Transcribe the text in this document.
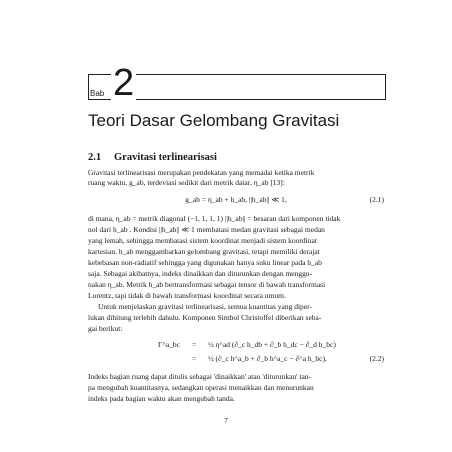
Bab 2
Teori Dasar Gelombang Gravitasi
2.1 Gravitasi terlinearisasi
Gravitasi terlinearisasi merupakan pendekatan yang memadai ketika metrik
ruang waktu, g_ab, terdeviasi sedikit dari metrik datar, η_ab [13]:
g_ab = η_ab + h_ab, ||h_ab|| ≪ 1,	(2.1)
di mana, η_ab = metrik diagonal (−1, 1, 1, 1) ||h_ab|| = besaran dari komponen tidak
nol dari h_ab . Kondisi ||h_ab|| ≪ 1 membatasi medan gravitasi sebagai medan
yang lemah, sehingga membatasi sistem koordinat menjadi sistem koordinat
kartesian. h_ab menggambarkan gelombang gravitasi, tetapi memiliki derajat
kebebasan non-radiatif sehingga yang digunakan hanya suku linear pada h_ab
saja. Sebagai akibatnya, indeks dinaikkan dan diturunkan dengan menggu-
nakan η_ab. Metrik h_ab bertransformasi sebagai tensor di bawah transformasi
Lorentz, tapi tidak di bawah transformasi koordinat secara umum.
Untuk menjelaskan gravitasi terlinearisasi, semua kuantitas yang diper-
lukan dihitung terlebih dahulu. Komponen Simbol Christoffel diberikan seba-
gai berikut:
Γ^a_bc = ½ η^ad (∂_c h_db + ∂_b h_dc − ∂_d h_bc)
= ½ (∂_c h^a_b + ∂_b h^a_c − ∂^a h_bc),	(2.2)
Indeks bagian ruang dapat ditulis sebagai 'dinaikkan' atau 'diturunkan' tan-
pa mengubah kuantitasnya, sedangkan operasi menaikkan dan menurunkan
indeks pada bagian waktu akan mengubah tanda.
7
